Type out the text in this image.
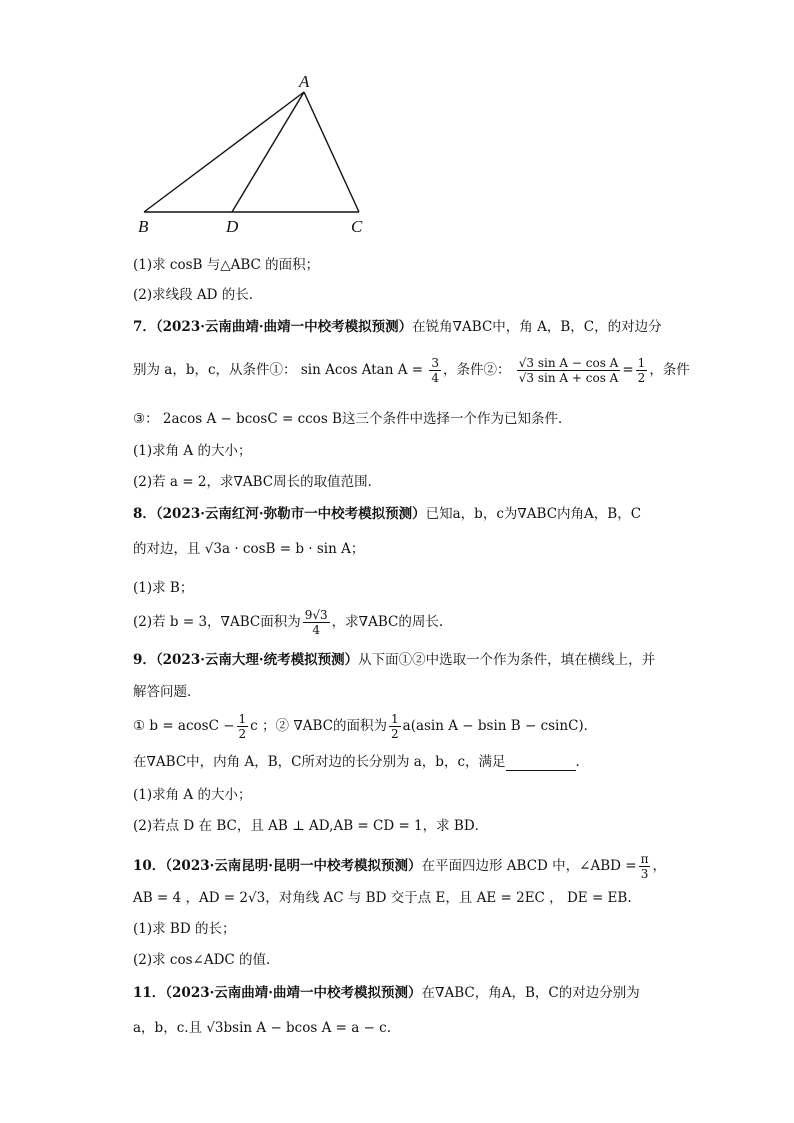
A
B	D	C
(1)求 cosB 与△ABC 的面积；
(2)求线段 AD 的长．
7．（2023·云南曲靖·曲靖一中校考模拟预测）在锐角∇ABC中，角 A，B，C，的对边分
别为 a，b，c，从条件①： sin Acos Atan $A = \frac{3}{4}$ ，条件②： $\frac{\text{√3 sin A − cos A}}{\text{√3 sin A + cos A}} = \frac{1}{2}$ ，条件
③： 2acos A − bcosC = ccos B这三个条件中选择一个作为已知条件．
(1)求角 A 的大小；
(2)若 a = 2，求∇ABC周长的取值范围．
8．（2023·云南红河·弥勒市一中校考模拟预测）已知a，b，c为∇ABC内角A，B，C
的对边，且 √3a · cosB = b · sin A；
(1)求 B；
(2)若 b = 3，∇ABC面积为 $\frac{9√3}{4}$ ，求∇ABC的周长.
9．（2023·云南大理·统考模拟预测）从下面①②中选取一个作为条件，填在横线上，并
解答问题．
① $b = acosC - \frac{1}{2}$ c ；② ∇ABC的面积为 $\frac{1}{2} a(asin$ A − bsin B − csinC)．
在∇ABC中，内角 A，B，C所对边的长分别为 a，b，c，满足	．
(1)求角 A 的大小；
(2)若点 D 在 BC，且 AB ⊥ AD,AB = CD = 1，求 BD．
10．（2023·云南昆明·昆明一中校考模拟预测）在平面四边形 ABCD 中，∠ABD = $\frac{\pi}{3}$ ，
AB = 4 ，AD = 2√3，对角线 AC 与 BD 交于点 E，且 AE = 2EC ， DE = EB.
(1)求 BD 的长；
(2)求 cos∠ADC 的值.
11．（2023·云南曲靖·曲靖一中校考模拟预测）在∇ABC，角A，B，C的对边分别为
a，b，c.且 √3bsin A − bcos A = a − c.
